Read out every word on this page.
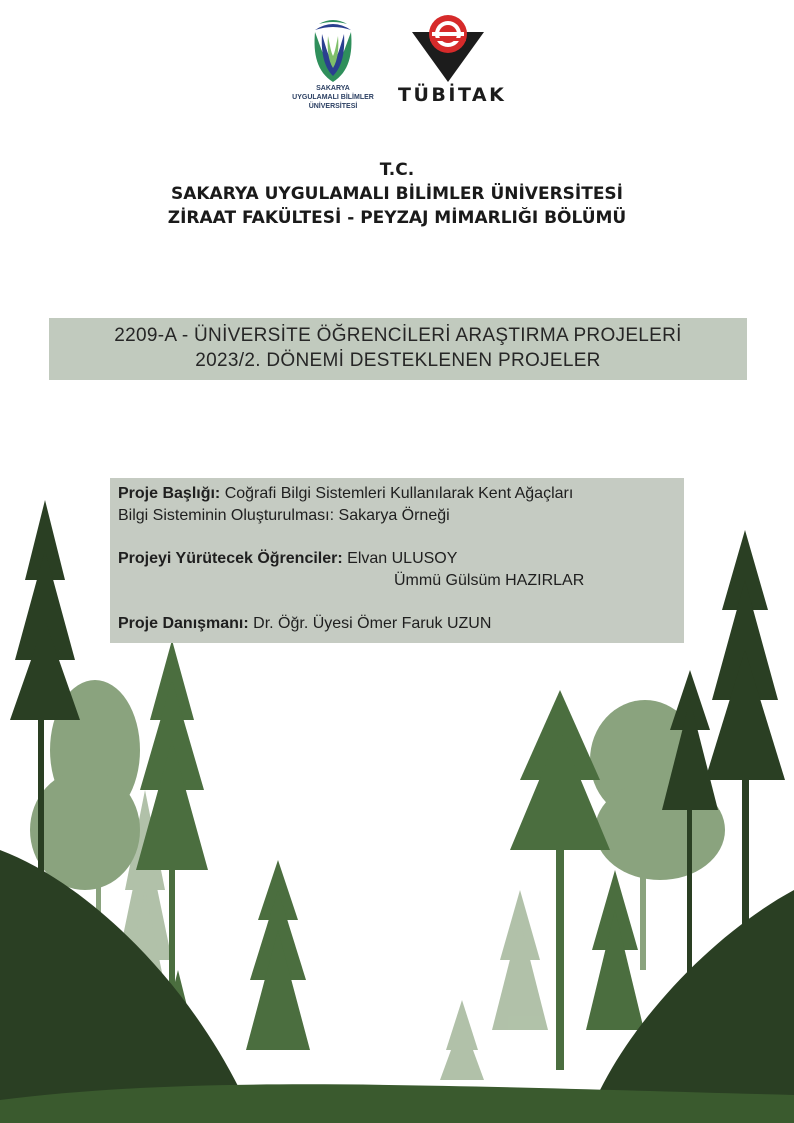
SAKARYA
UYGULAMALI BİLİMLER
ÜNİVERSİTESİ
TÜBİTAK
T.C.
SAKARYA UYGULAMALI BİLİMLER ÜNİVERSİTESİ
ZİRAAT FAKÜLTESİ - PEYZAJ MİMARLIĞI BÖLÜMÜ
2209-A - ÜNİVERSİTE ÖĞRENCİLERİ ARAŞTIRMA PROJELERİ
2023/2. DÖNEMİ DESTEKLENEN PROJELER
Proje Başlığı: Coğrafi Bilgi Sistemleri Kullanılarak Kent Ağaçları
Bilgi Sisteminin Oluşturulması: Sakarya Örneği
Projeyi Yürütecek Öğrenciler: Elvan ULUSOY
Ümmü Gülsüm HAZIRLAR
Proje Danışmanı: Dr. Öğr. Üyesi Ömer Faruk UZUN
